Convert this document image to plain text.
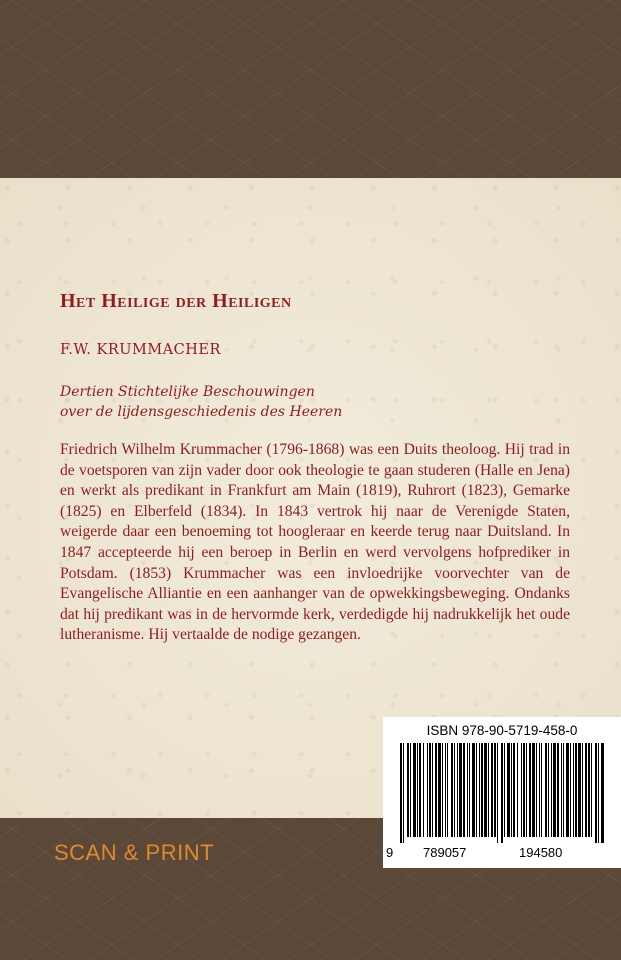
Het Heilige der Heiligen

F.W. KRUMMACHER

Dertien Stichtelijke Beschouwingen
over de lijdensgeschiedenis des Heeren

Friedrich Wilhelm Krummacher (1796-1868) was een Duits theoloog. Hij trad in de voetsporen van zijn vader door ook theologie te gaan studeren (Halle en Jena) en werkt als predikant in Frankfurt am Main (1819), Ruhrort (1823), Gemarke (1825) en Elberfeld (1834). In 1843 vertrok hij naar de Verenigde Staten, weigerde daar een benoeming tot hoogleraar en keerde terug naar Duitsland. In 1847 accepteerde hij een beroep in Berlin en werd vervolgens hofprediker in Potsdam. (1853) Krummacher was een invloedrijke voorvechter van de Evangelische Alliantie en een aanhanger van de opwekkingsbeweging. Ondanks dat hij predikant was in de hervormde kerk, verdedigde hij nadrukkelijk het oude lutheranisme. Hij vertaalde de nodige gezangen.

SCAN & PRINT

ISBN 978-90-5719-458-0

9 789057	194580
